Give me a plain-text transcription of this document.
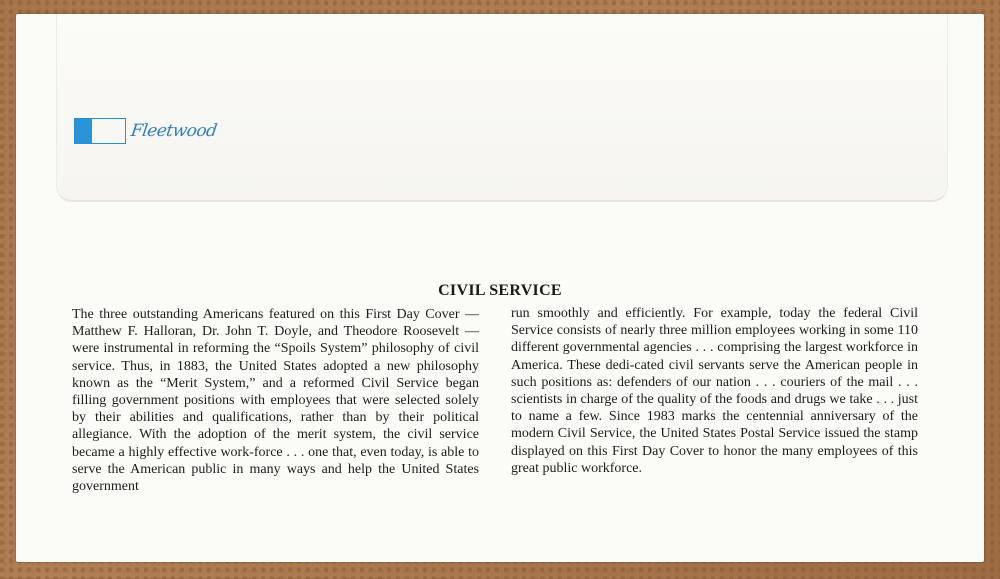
Fleetwood
CIVIL SERVICE

The three outstanding Americans featured on this First Day Cover — Matthew F. Halloran, Dr. John T. Doyle, and Theodore Roosevelt — were instrumental in reforming the “Spoils System” philosophy of civil service. Thus, in 1883, the United States adopted a new philosophy known as the “Merit System,” and a reformed Civil Service began filling government positions with employees that were selected solely by their abilities and qualifications, rather than by their political allegiance. With the adoption of the merit system, the civil service became a highly effective work-force . . . one that, even today, is able to serve the American public in many ways and help the United States government

run smoothly and efficiently. For example, today the federal Civil Service consists of nearly three million employees working in some 110 different governmental agencies . . . comprising the largest workforce in America. These dedi-cated civil servants serve the American people in such positions as: defenders of our nation . . . couriers of the mail . . . scientists in charge of the quality of the foods and drugs we take . . . just to name a few. Since 1983 marks the centennial anniversary of the modern Civil Service, the United States Postal Service issued the stamp displayed on this First Day Cover to honor the many employees of this great public workforce.
